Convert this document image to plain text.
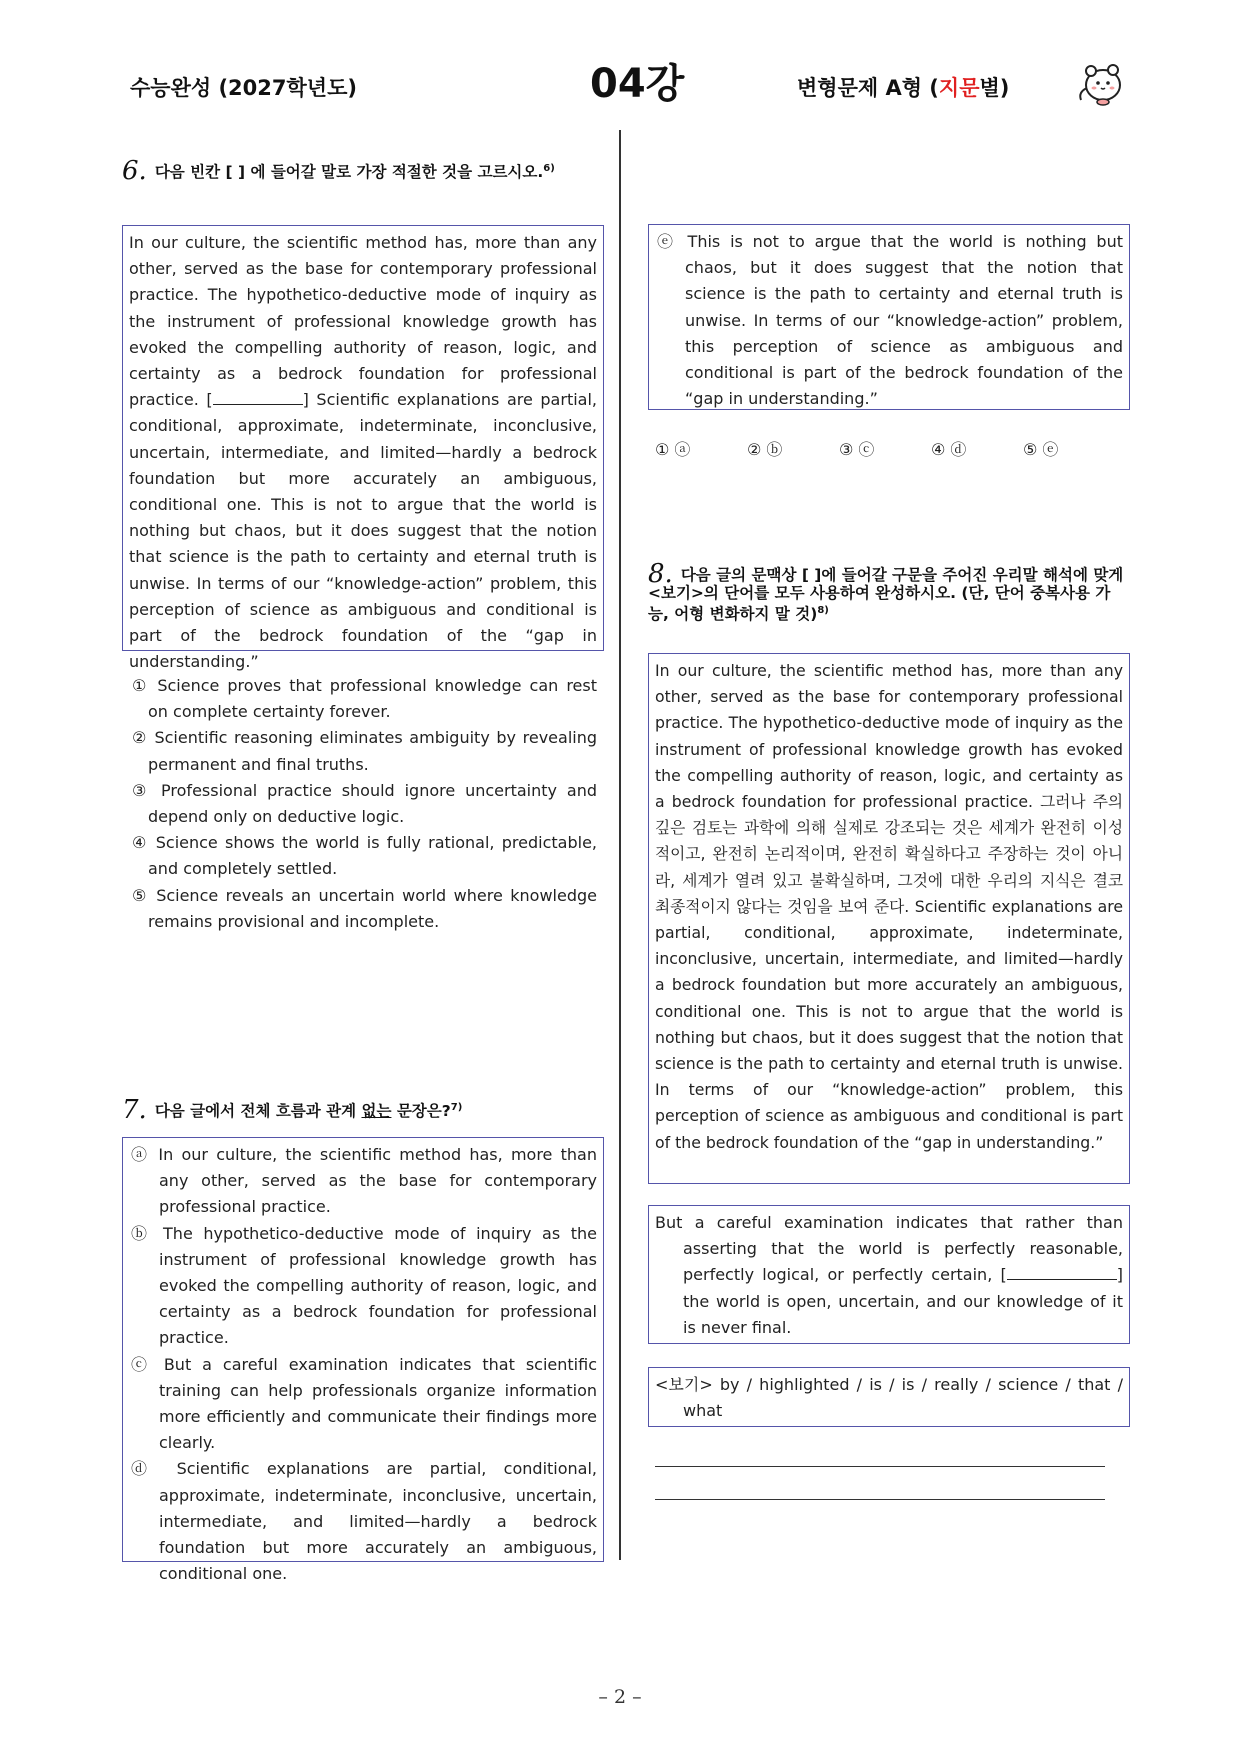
수능완성 (2027학년도)	04강	변형문제 A형 (지문별)
6. 다음 빈칸 [ ] 에 들어갈 말로 가장 적절한 것을 고르시오.$^{6)}$
In our culture, the scientific method has, more than any other, served as the base for contemporary professional practice. The hypothetico-deductive mode of inquiry as the instrument of professional knowledge growth has evoked the compelling authority of reason, logic, and certainty as a bedrock foundation for professional practice. [	] Scientific explanations are partial, conditional, approximate, indeterminate, inconclusive, uncertain, intermediate, and limited—hardly a bedrock foundation but more accurately an ambiguous, conditional one. This is not to argue that the world is nothing but chaos, but it does suggest that the notion that science is the path to certainty and eternal truth is unwise. In terms of our “knowledge-action” problem, this perception of science as ambiguous and conditional is part of the bedrock foundation of the “gap in understanding.”

① Science proves that professional knowledge can rest on complete certainty forever.

② Scientific reasoning eliminates ambiguity by revealing permanent and final truths.

③ Professional practice should ignore uncertainty and depend only on deductive logic.

④ Science shows the world is fully rational, predictable, and completely settled.

⑤ Science reveals an uncertain world where knowledge remains provisional and incomplete.

7. 다음 글에서 전체 흐름과 관계 없는 문장은?$^{7)}$

ⓐ In our culture, the scientific method has, more than any other, served as the base for contemporary professional practice.

ⓑ The hypothetico-deductive mode of inquiry as the instrument of professional knowledge growth has evoked the compelling authority of reason, logic, and certainty as a bedrock foundation for professional practice.

ⓒ But a careful examination indicates that scientific training can help professionals organize information more efficiently and communicate their findings more clearly.

ⓓ Scientific explanations are partial, conditional, approximate, indeterminate, inconclusive, uncertain, intermediate, and limited—hardly a bedrock foundation but more accurately an ambiguous, conditional one.

ⓔ This is not to argue that the world is nothing but chaos, but it does suggest that the notion that science is the path to certainty and eternal truth is unwise. In terms of our “knowledge-action” problem, this perception of science as ambiguous and conditional is part of the bedrock foundation of the “gap in understanding.”

① ⓐ	② ⓑ	③ ⓒ	④ ⓓ	⑤ ⓔ
8. 다음 글의 문맥상 [ ]에 들어갈 구문을 주어진 우리말 해석에 맞게 <보기>의 단어를 모두 사용하여 완성하시오. (단, 단어 중복사용 가능, 어형 변화하지 말 것)$^{8)}$
In our culture, the scientific method has, more than any other, served as the base for contemporary professional practice. The hypothetico-deductive mode of inquiry as the instrument of professional knowledge growth has evoked the compelling authority of reason, logic, and certainty as a bedrock foundation for professional practice. 그러나 주의 깊은 검토는 과학에 의해 실제로 강조되는 것은 세계가 완전히 이성적이고, 완전히 논리적이며, 완전히 확실하다고 주장하는 것이 아니라, 세계가 열려 있고 불확실하며, 그것에 대한 우리의 지식은 결코 최종적이지 않다는 것임을 보여 준다. Scientific explanations are partial, conditional, approximate, indeterminate, inconclusive, uncertain, intermediate, and limited—hardly a bedrock foundation but more accurately an ambiguous, conditional one. This is not to argue that the world is nothing but chaos, but it does suggest that the notion that science is the path to certainty and eternal truth is unwise. In terms of our “knowledge-action” problem, this perception of science as ambiguous and conditional is part of the bedrock foundation of the “gap in understanding.”

But a careful examination indicates that rather than asserting that the world is perfectly reasonable, perfectly logical, or perfectly certain, [	] the world is open, uncertain, and our knowledge of it is never final.

<보기> by / highlighted / is / is / really / science / that / what

– 2 –
